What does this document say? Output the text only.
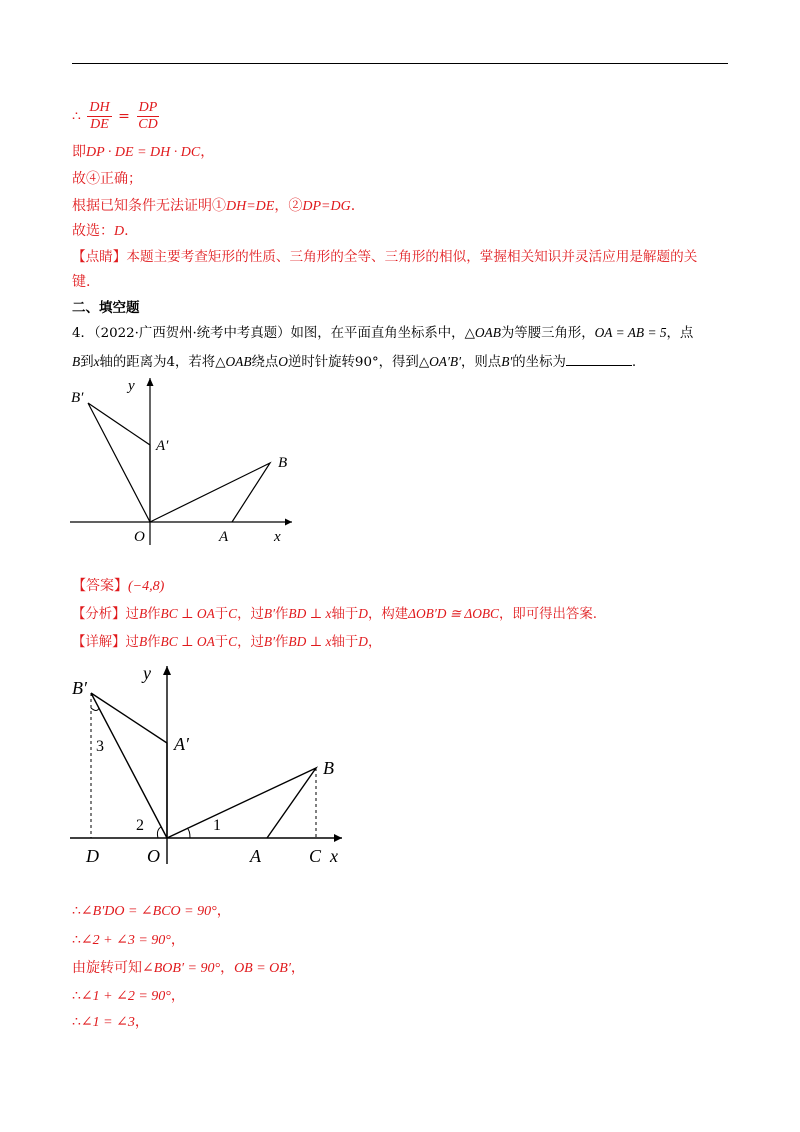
∴ $\frac{DH}{DE} = \frac{DP}{CD}$
即DP · DE = DH · DC，
故④正确；
根据已知条件无法证明①DH=DE，②DP=DG.
故选：D.
【点睛】本题主要考查矩形的性质、三角形的全等、三角形的相似，掌握相关知识并灵活应用是解题的关
键.
二、填空题
4．（2022·广西贺州·统考中考真题）如图，在平面直角坐标系中，△OAB为等腰三角形，OA = AB = 5，点
B到x轴的距离为4，若将△OAB绕点O逆时针旋转90°，得到△OA′B′，则点B′的坐标为	.
B′
y
A′
B
O	A	x
【答案】(−4,8)
【分析】过B作BC ⊥ OA于C，过B′作BD ⊥ x轴于D，构建ΔOB′D ≅ ΔOBC，即可得出答案.
【详解】过B作BC ⊥ OA于C，过B′作BD ⊥ x轴于D，
B′
y
A′
B
D	O	A	C x
3
2	1
∴∠B′DO = ∠BCO = 90°，
∴∠2 + ∠3 = 90°，
由旋转可知∠BOB′ = 90°，OB = OB′，
∴∠1 + ∠2 = 90°，
∴∠1 = ∠3，
